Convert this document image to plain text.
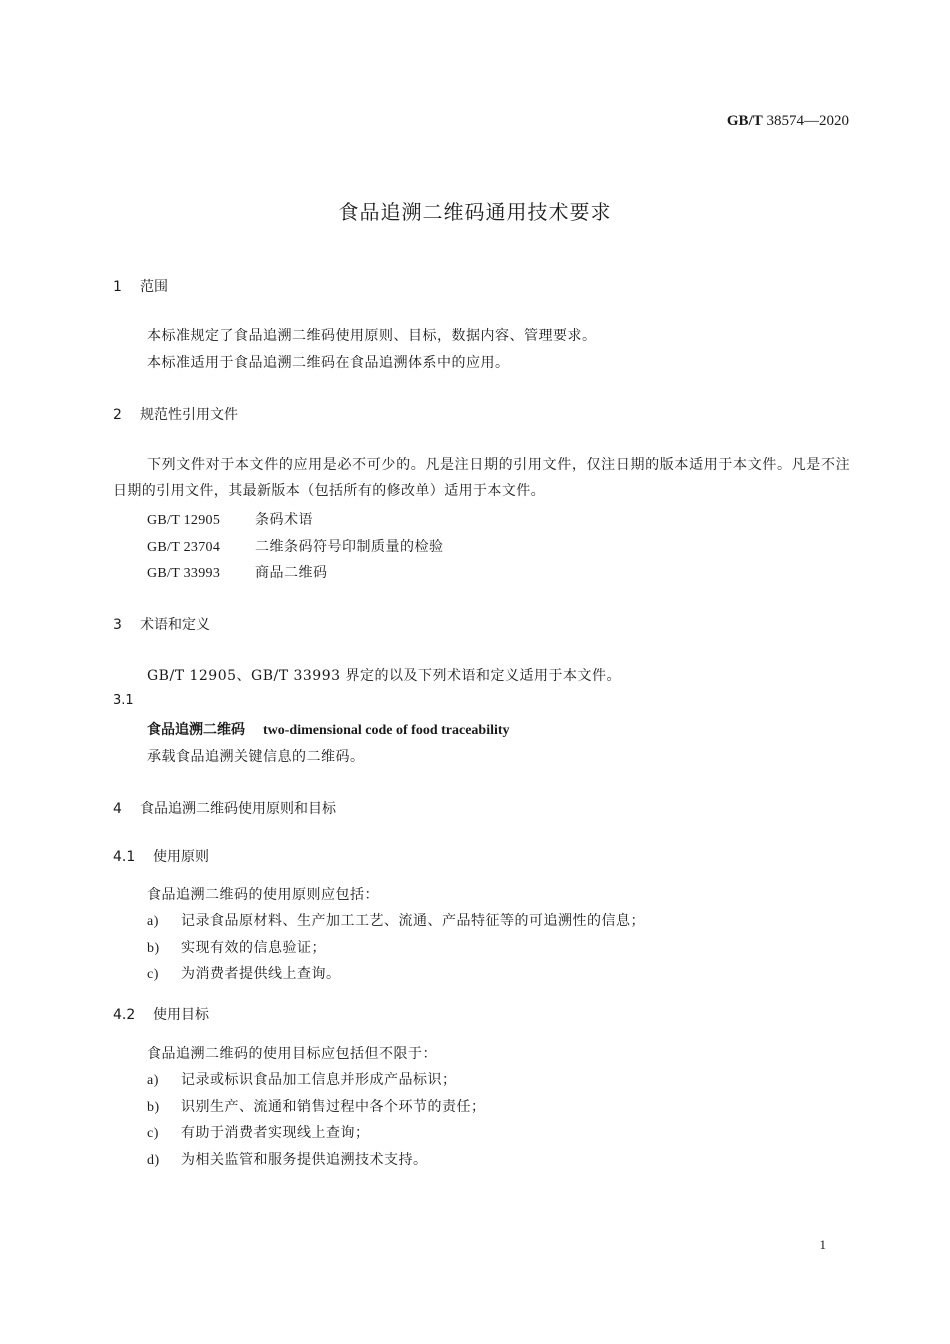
GB/T 38574—2020
食品追溯二维码通用技术要求
1 范围
本标准规定了食品追溯二维码使用原则、目标，数据内容、管理要求。
本标准适用于食品追溯二维码在食品追溯体系中的应用。
2 规范性引用文件
下列文件对于本文件的应用是必不可少的。凡是注日期的引用文件，仅注日期的版本适用于本文件。凡是不注日期的引用文件，其最新版本（包括所有的修改单）适用于本文件。
GB/T 12905 条码术语
GB/T 23704 二维条码符号印制质量的检验
GB/T 33993 商品二维码
3 术语和定义
GB/T 12905、GB/T 33993 界定的以及下列术语和定义适用于本文件。
3.1
食品追溯二维码 two-dimensional code of food traceability
承载食品追溯关键信息的二维码。
4 食品追溯二维码使用原则和目标
4.1 使用原则
食品追溯二维码的使用原则应包括：
a) 记录食品原材料、生产加工工艺、流通、产品特征等的可追溯性的信息；
b) 实现有效的信息验证；
c) 为消费者提供线上查询。
4.2 使用目标
食品追溯二维码的使用目标应包括但不限于：
a) 记录或标识食品加工信息并形成产品标识；
b) 识别生产、流通和销售过程中各个环节的责任；
c) 有助于消费者实现线上查询；
d) 为相关监管和服务提供追溯技术支持。
1
